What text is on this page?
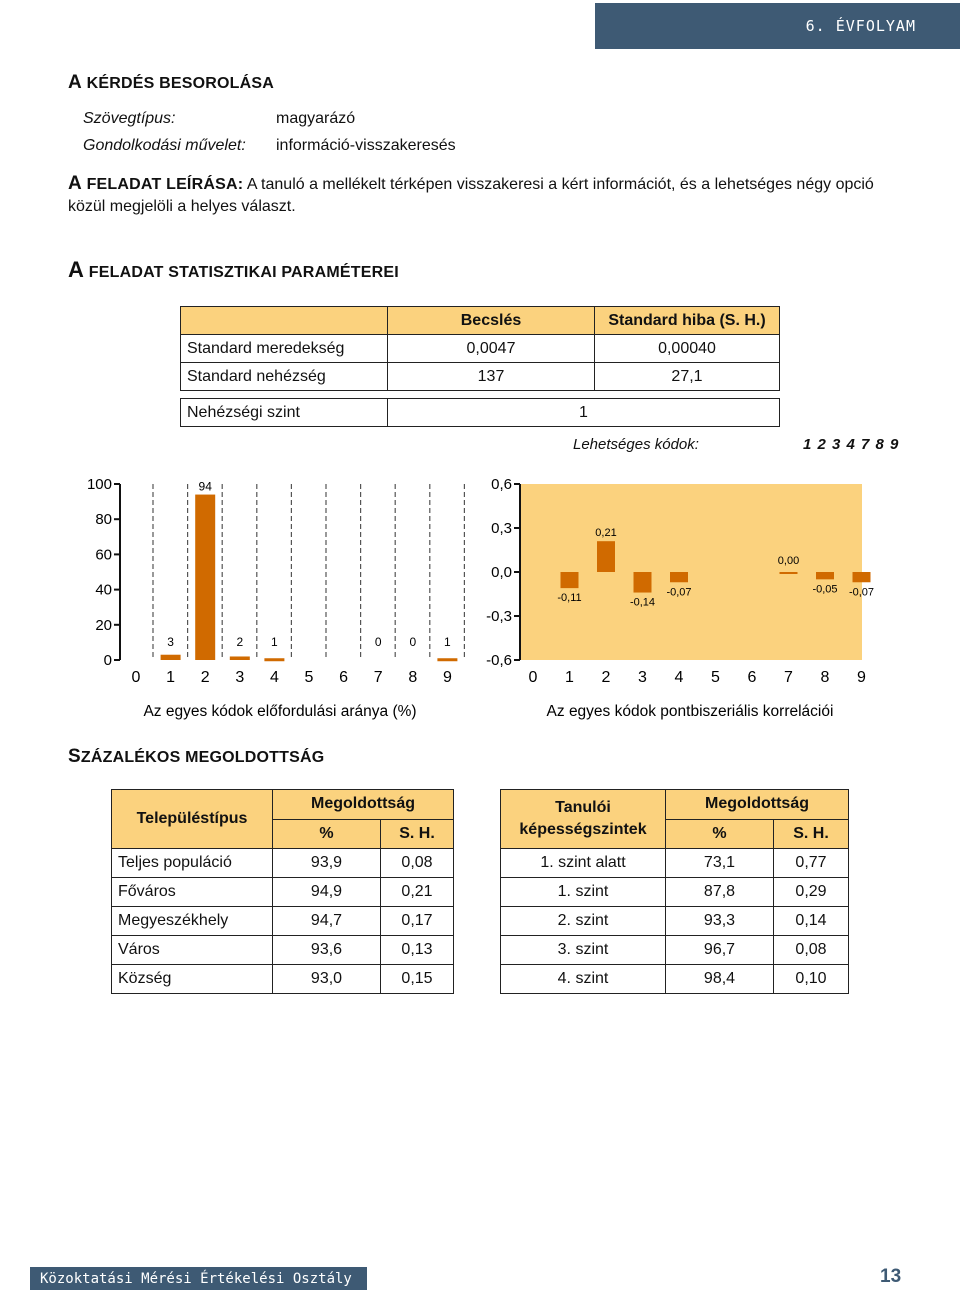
6. ÉVFOLYAM
A KÉRDÉS BESOROLÁSA
Szövegtípus:	magyarázó
Gondolkodási művelet: információ-visszakeresés
A FELADAT LEÍRÁSA: A tanuló a mellékelt térképen visszakeresi a kért információt, és a lehetséges négy opció közül megjelöli a helyes választ.
A FELADAT STATISZTIKAI PARAMÉTEREI
	Becslés	Standard hiba (S. H.)
Standard meredekség	0,0047	0,00040
Standard nehézség	137	27,1
Nehézségi szint	1
Lehetséges kódok:	1 2 3 4 7 8 9
0
20
40
60
80
100
0 1
3
2
94
3
2
4
1
5 6 7
0
8
0
9
1
Az egyes kódok előfordulási aránya (%)
-0,6
-0,3
0,0
0,3
0,6
0 1
-0,11
2
0,21
3
-0,14
4
-0,07
5 6 7
0,00
8
-0,05
9
-0,07
Az egyes kódok pontbiszeriális korrelációi
SZÁZALÉKOS MEGOLDOTTSÁG
Településtípus	Megoldottság	
	%	S. H.
Teljes populáció	93,9	0,08
Főváros	94,9	0,21
Megyeszékhely	94,7	0,17
Város	93,6	0,13
Község	93,0	0,15
Tanulói
képességszintek	Megoldottság	
	%	S. H.
1. szint alatt	73,1	0,77
1. szint	87,8	0,29
2. szint	93,3	0,14
3. szint	96,7	0,08
4. szint	98,4	0,10
Közoktatási Mérési Értékelési Osztály	13
